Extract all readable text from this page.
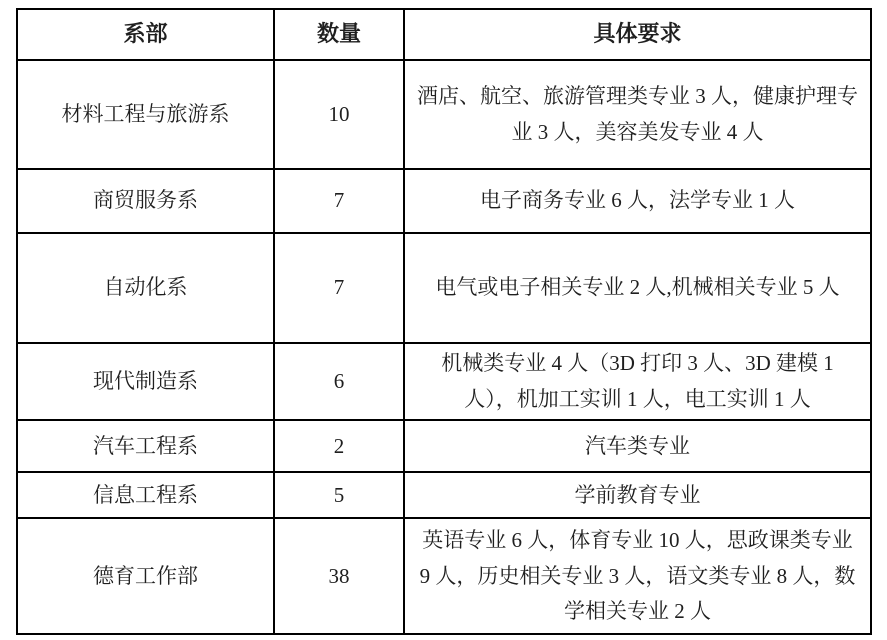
系部	数量	具体要求
材料工程与旅游系	10	酒店、航空、旅游管理类专业 3 人，健康护理专业 3 人，美容美发专业 4 人
商贸服务系	7	电子商务专业 6 人，法学专业 1 人
自动化系	7	电气或电子相关专业 2 人,机械相关专业 5 人
现代制造系	6	机械类专业 4 人（3D 打印 3 人、3D 建模 1 人），机加工实训 1 人，电工实训 1 人
汽车工程系	2	汽车类专业
信息工程系	5	学前教育专业
德育工作部	38	英语专业 6 人，体育专业 10 人，思政课类专业 9 人，历史相关专业 3 人，语文类专业 8 人，数学相关专业 2 人
